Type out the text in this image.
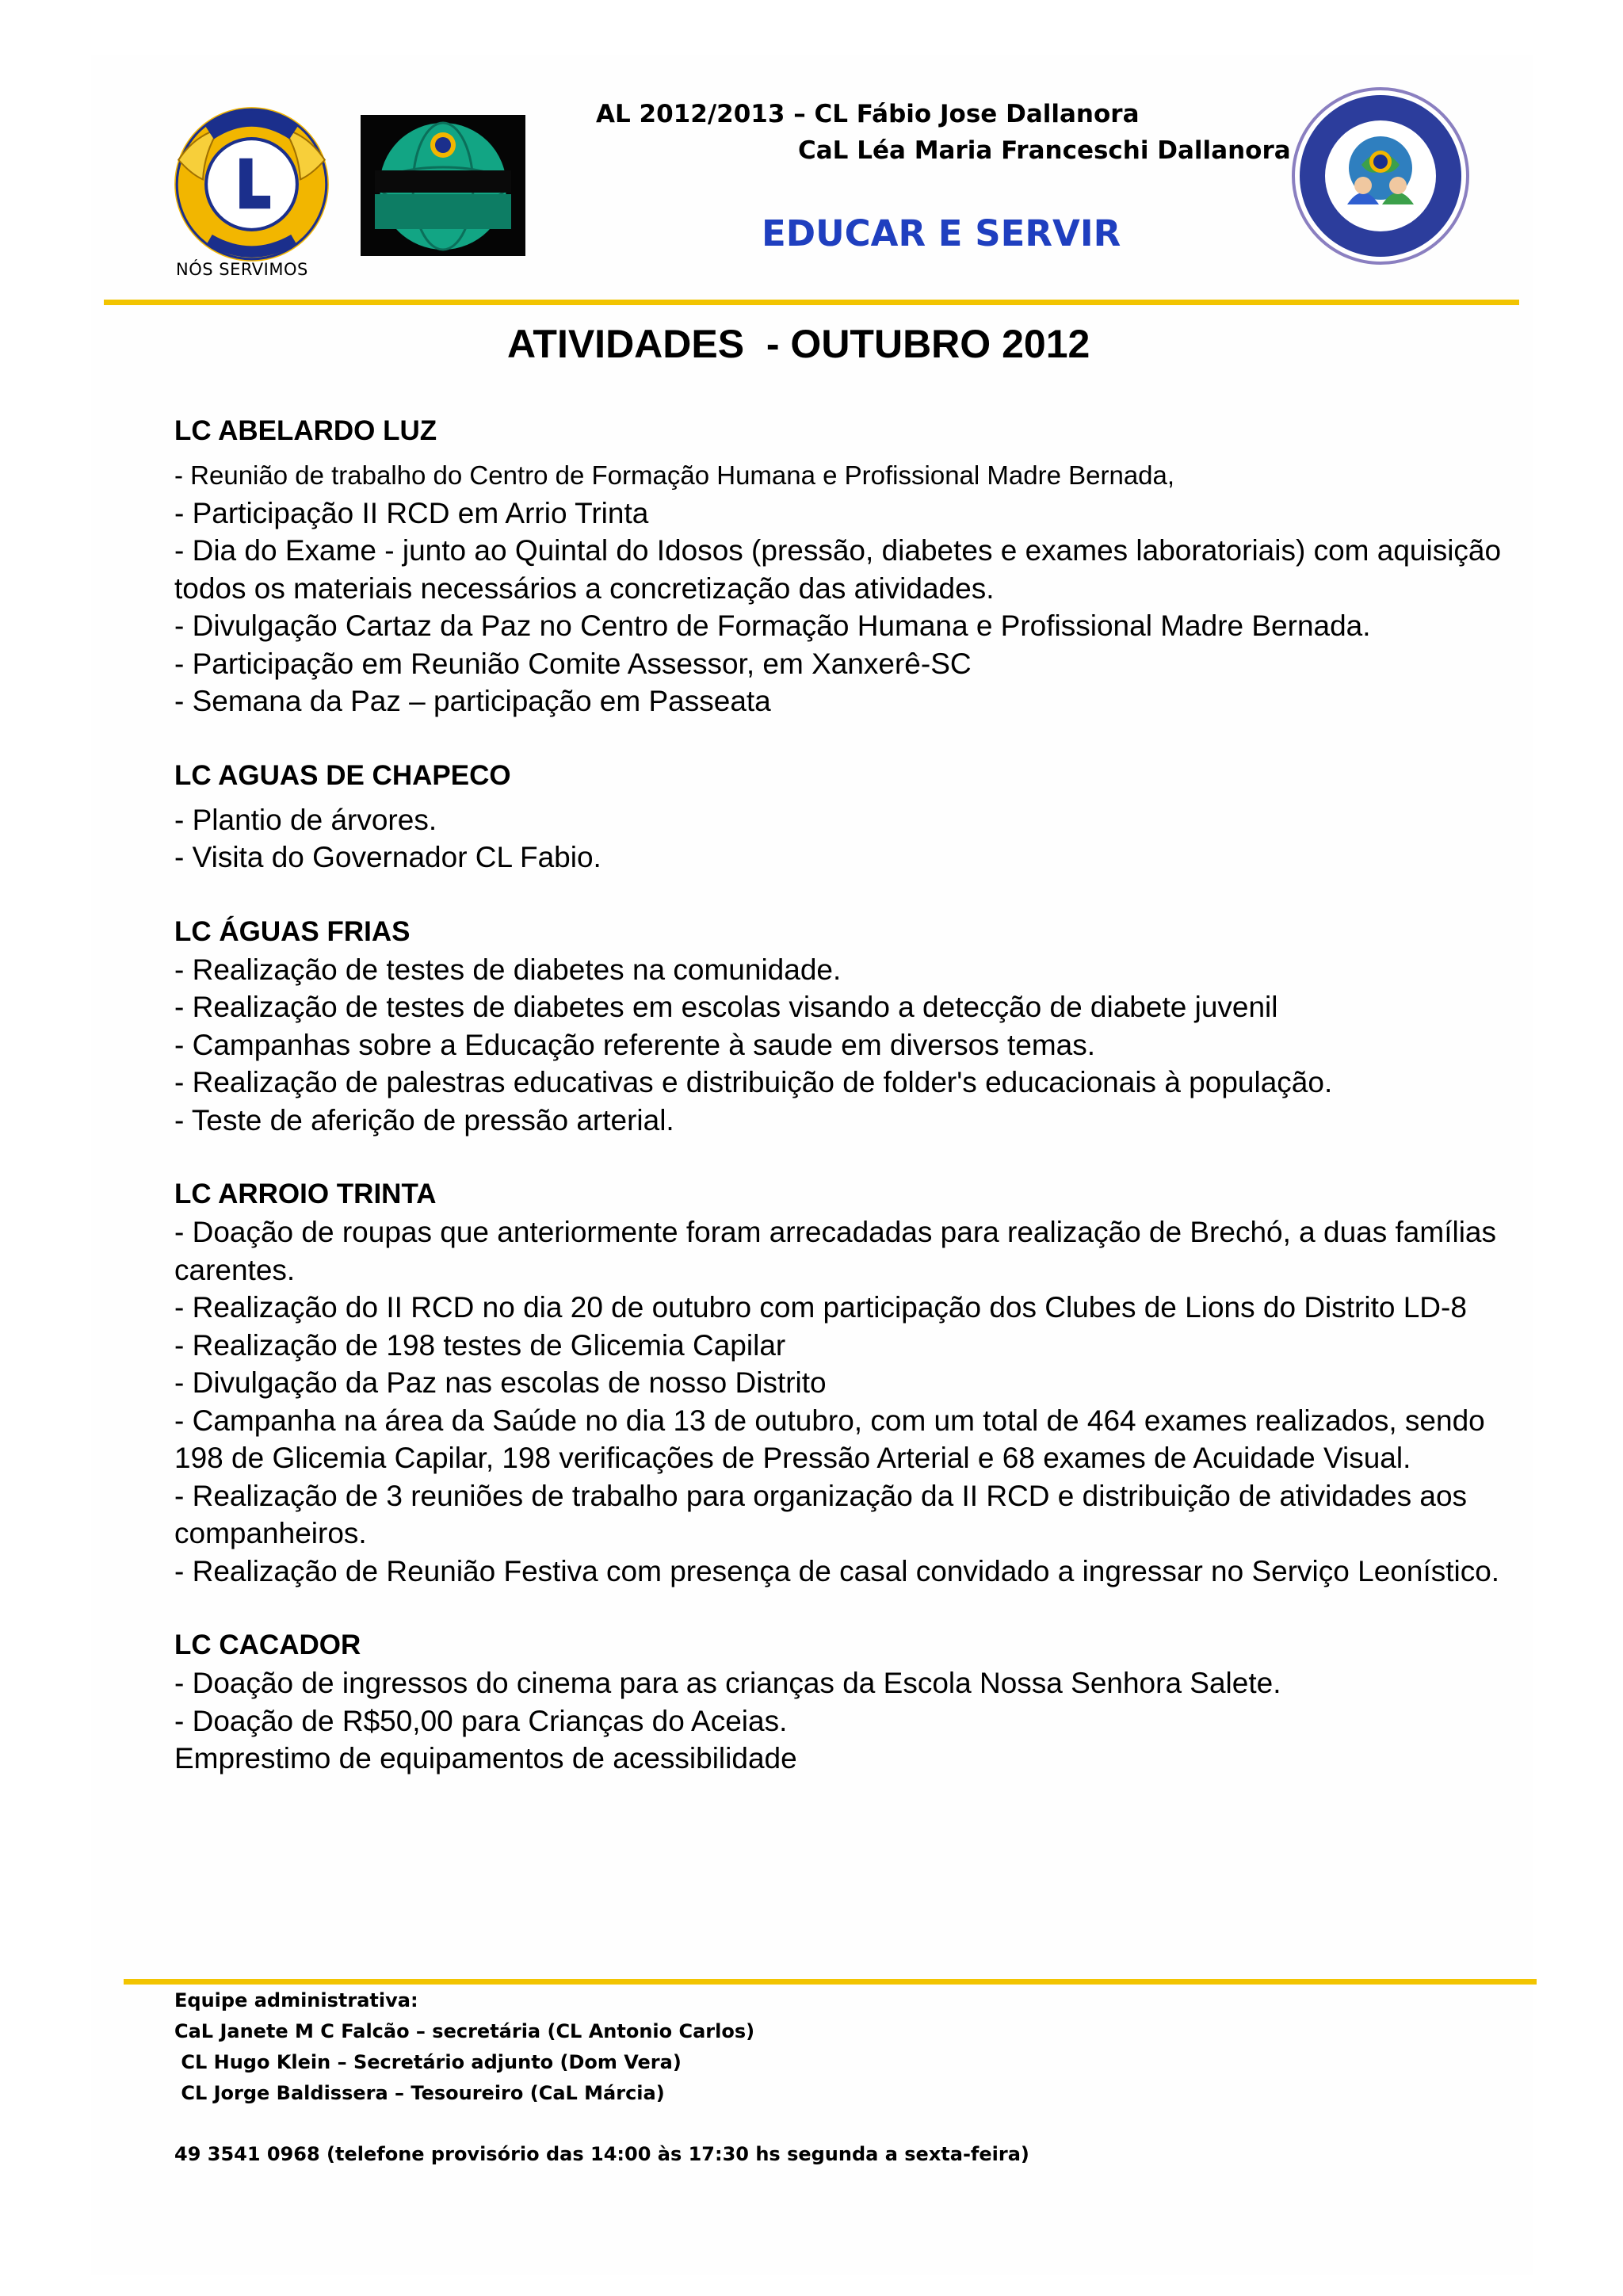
NÓS SERVIMOS
AL 2012/2013 – CL Fábio Jose Dallanora
CaL Léa Maria Franceschi Dallanora
EDUCAR E SERVIR
ATIVIDADES  - OUTUBRO 2012
LC ABELARDO LUZ
- Reunião de trabalho do Centro de Formação Humana e Profissional Madre Bernada,
- Participação II RCD em Arrio Trinta
- Dia do Exame - junto ao Quintal do Idosos (pressão, diabetes e exames laboratoriais) com aquisição todos os materiais necessários a concretização das atividades.
- Divulgação Cartaz da Paz no Centro de Formação Humana e Profissional Madre Bernada.
- Participação em Reunião Comite Assessor, em Xanxerê-SC
- Semana da Paz – participação em Passeata
LC AGUAS DE CHAPECO
- Plantio de árvores.
- Visita do Governador CL Fabio.
LC ÁGUAS FRIAS
- Realização de testes de diabetes na comunidade.
- Realização de testes de diabetes em escolas visando a detecção de diabete juvenil
- Campanhas sobre a Educação referente à saude em diversos temas.
- Realização de palestras educativas e distribuição de folder's educacionais à população.
- Teste de aferição de pressão arterial.
LC ARROIO TRINTA
- Doação de roupas que anteriormente foram arrecadadas para realização de Brechó, a duas famílias carentes.
- Realização do II RCD no dia 20 de outubro com participação dos Clubes de Lions do Distrito LD-8
- Realização de 198 testes de Glicemia Capilar
- Divulgação da Paz nas escolas de nosso Distrito
- Campanha na área da Saúde no dia 13 de outubro, com um total de 464 exames realizados, sendo 198 de Glicemia Capilar, 198 verificações de Pressão Arterial e 68 exames de Acuidade Visual.
- Realização de 3 reuniões de trabalho para organização da II RCD e distribuição de atividades aos companheiros.
- Realização de Reunião Festiva com presença de casal convidado a ingressar no Serviço Leonístico.
LC CACADOR
- Doação de ingressos do cinema para as crianças da Escola Nossa Senhora Salete.
- Doação de R$50,00 para Crianças do Aceias.
Emprestimo de equipamentos de acessibilidade
Equipe administrativa:
CaL Janete M C Falcão – secretária (CL Antonio Carlos)
CL Hugo Klein – Secretário adjunto (Dom Vera)
CL Jorge Baldissera – Tesoureiro (CaL Márcia)
49 3541 0968 (telefone provisório das 14:00 às 17:30 hs segunda a sexta-feira)
